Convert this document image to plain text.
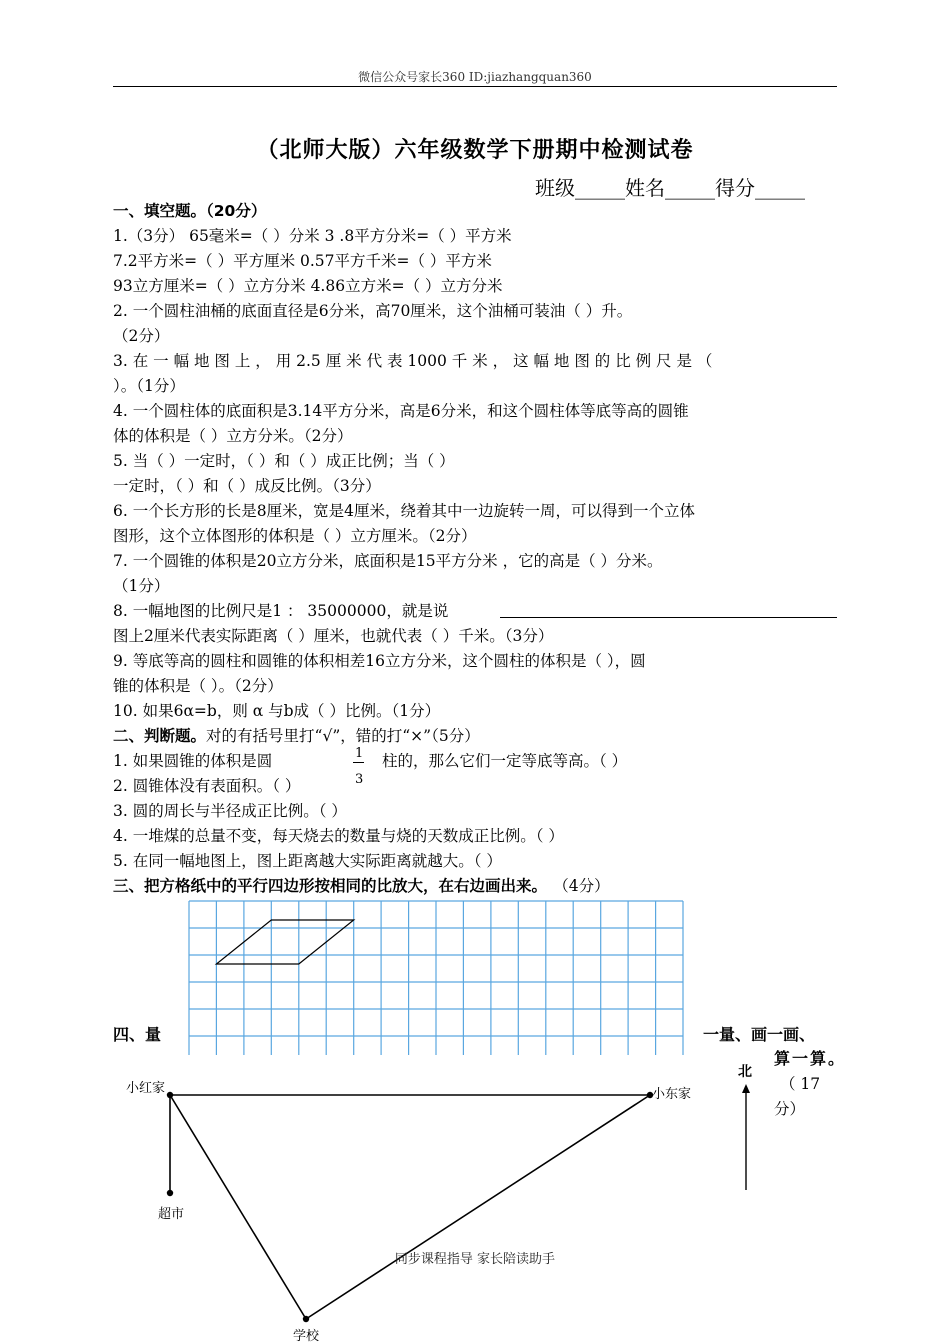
微信公众号家长360 ID:jiazhangquan360
（北师大版）六年级数学下册期中检测试卷
班级_____姓名_____得分_____
一、填空题。（20分）
1.（3分） 65毫米=（ ）分米 3 .8平方分米=（ ）平方米
7.2平方米=（ ）平方厘米 0.57平方千米=（ ）平方米
93立方厘米=（ ）立方分米 4.86立方米=（ ）立方分米
2. 一个圆柱油桶的底面直径是6分米，高70厘米，这个油桶可装油（ ）升。
（2分）
3. 在 一 幅 地 图 上 ， 用 2.5 厘 米 代 表 1000 千 米 ， 这 幅 地 图 的 比 例 尺 是 （
）。（1分）
4. 一个圆柱体的底面积是3.14平方分米，高是6分米，和这个圆柱体等底等高的圆锥
体的体积是（ ）立方分米。（2分）
5. 当（ ）一定时，（ ）和（ ）成正比例；当（ ）
一定时，（ ）和（ ）成反比例。（3分）
6. 一个长方形的长是8厘米，宽是4厘米，绕着其中一边旋转一周，可以得到一个立体
图形，这个立体图形的体积是（ ）立方厘米。（2分）
7. 一个圆锥的体积是20立方分米，底面积是15平方分米 ，它的高是（ ）分米。
（1分）
8. 一幅地图的比例尺是1 ： 35000000，就是说
图上2厘米代表实际距离（ ）厘米，也就代表（ ）千米。（3分）
9. 等底等高的圆柱和圆锥的体积相差16立方分米，这个圆柱的体积是（ ），圆
锥的体积是（ ）。（2分）
10. 如果6α=b，则 α 与b成（ ）比例。（1分）
二、判断题。对的有括号里打“√”，错的打“×”（5分）
1. 如果圆锥的体积是圆	1
3
柱的，那么它们一定等底等高。（ ）
2. 圆锥体没有表面积。（ ）
3. 圆的周长与半径成正比例。（ ）
4. 一堆煤的总量不变，每天烧去的数量与烧的天数成正比例。（ ）
5. 在同一幅地图上，图上距离越大实际距离就越大。（ ）
三、把方格纸中的平行四边形按相同的比放大，在右边画出来。 （4分）
四、量	一量、画一画、
算一算。
（ 17
分）
小红家	小东家
超市
学校
北
同步课程指导 家长陪读助手
